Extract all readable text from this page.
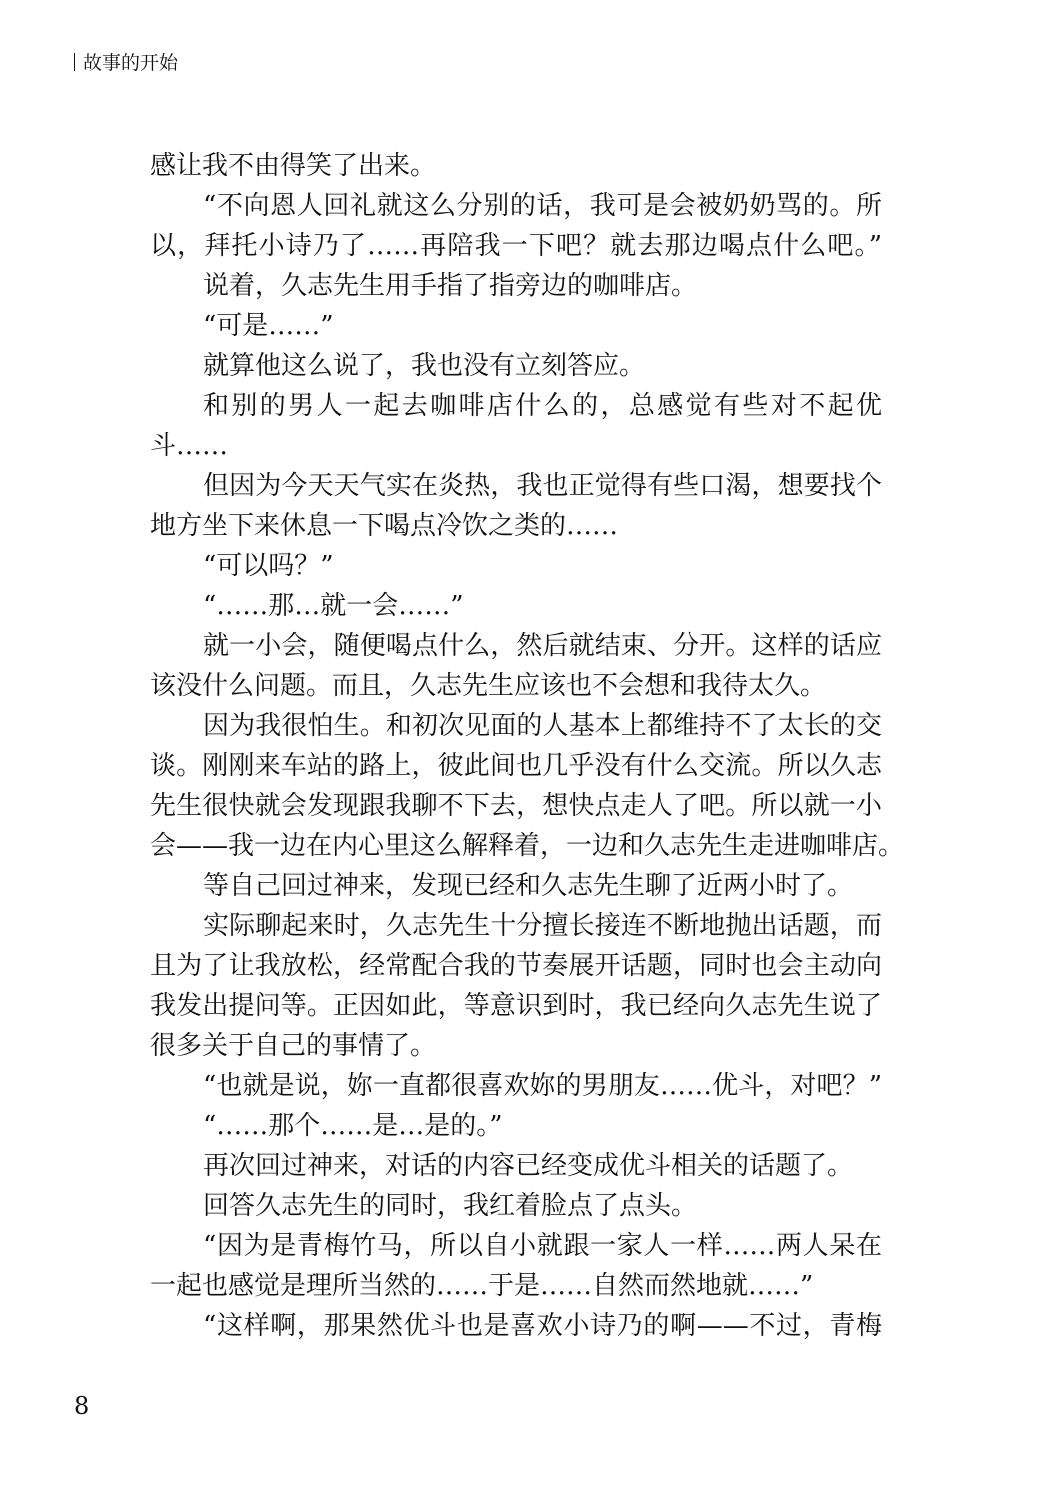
故事的开始
感让我不由得笑了出来。
“不向恩人回礼就这么分别的话，我可是会被奶奶骂的。所
以，拜托小诗乃了……再陪我一下吧？就去那边喝点什么吧。”
说着，久志先生用手指了指旁边的咖啡店。
“可是……”
就算他这么说了，我也没有立刻答应。
和别的男人一起去咖啡店什么的，总感觉有些对不起优
斗……
但因为今天天气实在炎热，我也正觉得有些口渴，想要找个
地方坐下来休息一下喝点冷饮之类的……
“可以吗？”
“……那…就一会……”
就一小会，随便喝点什么，然后就结束、分开。这样的话应
该没什么问题。而且，久志先生应该也不会想和我待太久。
因为我很怕生。和初次见面的人基本上都维持不了太长的交
谈。刚刚来车站的路上，彼此间也几乎没有什么交流。所以久志
先生很快就会发现跟我聊不下去，想快点走人了吧。所以就一小
会——我一边在内心里这么解释着，一边和久志先生走进咖啡店。
等自己回过神来，发现已经和久志先生聊了近两小时了。
实际聊起来时，久志先生十分擅长接连不断地抛出话题，而
且为了让我放松，经常配合我的节奏展开话题，同时也会主动向
我发出提问等。正因如此，等意识到时，我已经向久志先生说了
很多关于自己的事情了。
“也就是说，妳一直都很喜欢妳的男朋友……优斗，对吧？”
“……那个……是…是的。”
再次回过神来，对话的内容已经变成优斗相关的话题了。
回答久志先生的同时，我红着脸点了点头。
“因为是青梅竹马，所以自小就跟一家人一样……两人呆在
一起也感觉是理所当然的……于是……自然而然地就……”
“这样啊，那果然优斗也是喜欢小诗乃的啊——不过，青梅
8
